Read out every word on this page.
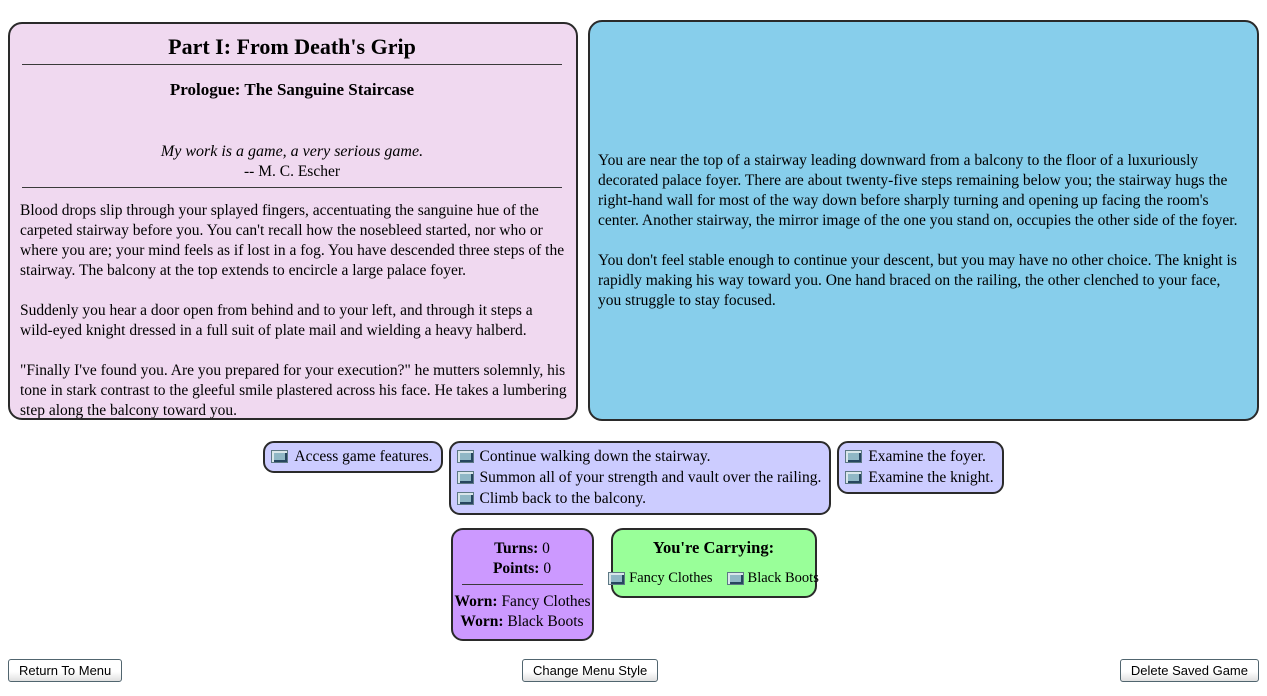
Part I: From Death's Grip
Prologue: The Sanguine Staircase
My work is a game, a very serious game.
-- M. C. Escher

Blood drops slip through your splayed fingers, accentuating the sanguine hue of the carpeted stairway before you. You can't recall how the nosebleed started, nor who or where you are; your mind feels as if lost in a fog. You have descended three steps of the stairway. The balcony at the top extends to encircle a large palace foyer.

Suddenly you hear a door open from behind and to your left, and through it steps a wild-eyed knight dressed in a full suit of plate mail and wielding a heavy halberd.

"Finally I've found you. Are you prepared for your execution?" he mutters solemnly, his tone in stark contrast to the gleeful smile plastered across his face. He takes a lumbering step along the balcony toward you.

You are near the top of a stairway leading downward from a balcony to the floor of a luxuriously decorated palace foyer. There are about twenty-five steps remaining below you; the stairway hugs the right-hand wall for most of the way down before sharply turning and opening up facing the room's center. Another stairway, the mirror image of the one you stand on, occupies the other side of the foyer.

You don't feel stable enough to continue your descent, but you may have no other choice. The knight is rapidly making his way toward you. One hand braced on the railing, the other clenched to your face, you struggle to stay focused.

Access game features.	Continue walking down the stairway.
Summon all of your strength and vault over the railing.
Climb back to the balcony.
Examine the foyer.
Examine the knight.
Turns: 0
Points: 0
Worn: Fancy Clothes
Worn: Black Boots
You're Carrying:
Fancy Clothes Black Boots
Return To Menu	Change Menu Style	Delete Saved Game
